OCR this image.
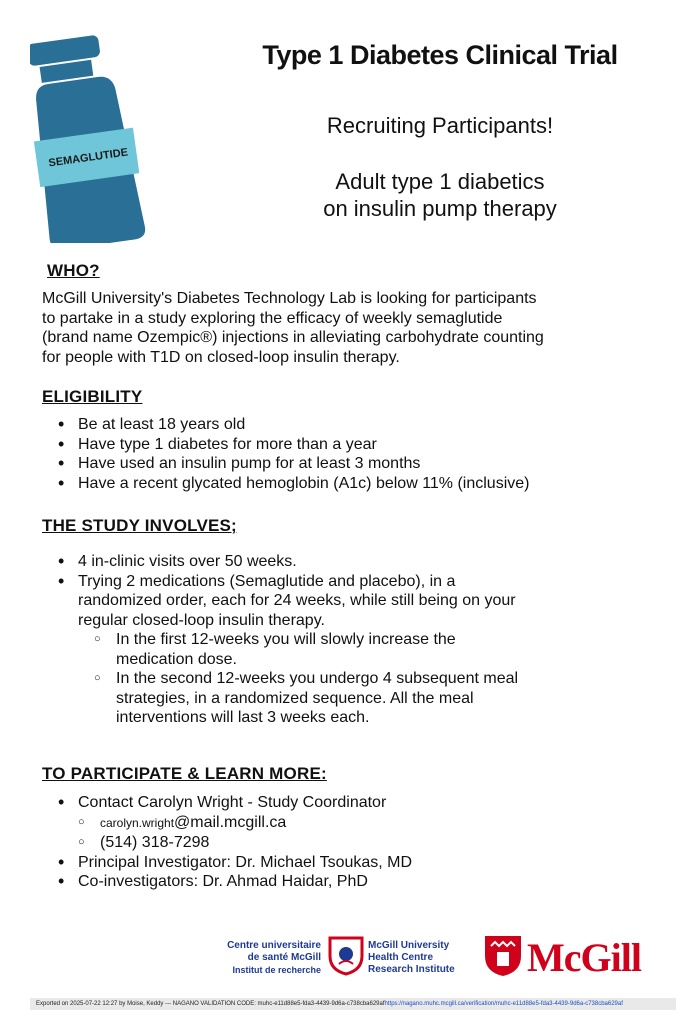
SEMAGLUTIDE
Type 1 Diabetes Clinical Trial
Recruiting Participants!
Adult type 1 diabetics
on insulin pump therapy
WHO?
McGill University's Diabetes Technology Lab is looking for participants
to partake in a study exploring the efficacy of weekly semaglutide
(brand name Ozempic®) injections in alleviating carbohydrate counting
for people with T1D on closed-loop insulin therapy.
ELIGIBILITY
• Be at least 18 years old
• Have type 1 diabetes for more than a year
• Have used an insulin pump for at least 3 months
• Have a recent glycated hemoglobin (A1c) below 11% (inclusive)
THE STUDY INVOLVES;
• 4 in-clinic visits over 50 weeks.
• Trying 2 medications (Semaglutide and placebo), in a
randomized order, each for 24 weeks, while still being on your
regular closed-loop insulin therapy.
○ In the first 12-weeks you will slowly increase the
medication dose.
○ In the second 12-weeks you undergo 4 subsequent meal
strategies, in a randomized sequence. All the meal
interventions will last 3 weeks each.
TO PARTICIPATE & LEARN MORE:
• Contact Carolyn Wright - Study Coordinator
○ carolyn.wright@mail.mcgill.ca
○ (514) 318-7298
• Principal Investigator: Dr. Michael Tsoukas, MD
• Co-investigators: Dr. Ahmad Haidar, PhD
Centre universitaire
de santé McGill
Institut de recherche
McGill University
Health Centre
Research Institute	McGill
Exported on 2025-07-22 12:27 by Moise, Keddy --- NAGANO VALIDATION CODE: muhc-e11d88e5-fda3-4439-9d6a-c738cba629afhttps://nagano.muhc.mcgill.ca/verification/muhc-e11d88e5-fda3-4439-9d6a-c738cba629af
